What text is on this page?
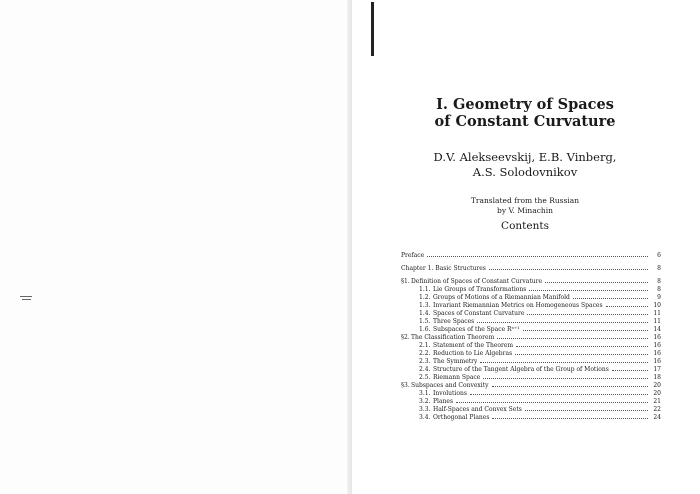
I. Geometry of Spaces
of Constant Curvature

D.V. Alekseevskij, E.B. Vinberg,
A.S. Solodovnikov
Translated from the Russian
by V. Minachin
Contents
Preface	6
Chapter 1. Basic Structures	8
§1. Definition of Spaces of Constant Curvature	8
1.1. Lie Groups of Transformations	8
1.2. Groups of Motions of a Riemannian Manifold	9
1.3. Invariant Riemannian Metrics on Homogeneous Spaces	10
1.4. Spaces of Constant Curvature	11
1.5. Three Spaces	11
1.6. Subspaces of the Space Rⁿ⁺¹	14
§2. The Classification Theorem	16
2.1. Statement of the Theorem	16
2.2. Reduction to Lie Algebras	16
2.3. The Symmetry	16
2.4. Structure of the Tangent Algebra of the Group of Motions	17
2.5. Riemann Space	18
§3. Subspaces and Convexity	20
3.1. Involutions	20
3.2. Planes	21
3.3. Half-Spaces and Convex Sets	22
3.4. Orthogonal Planes	24
